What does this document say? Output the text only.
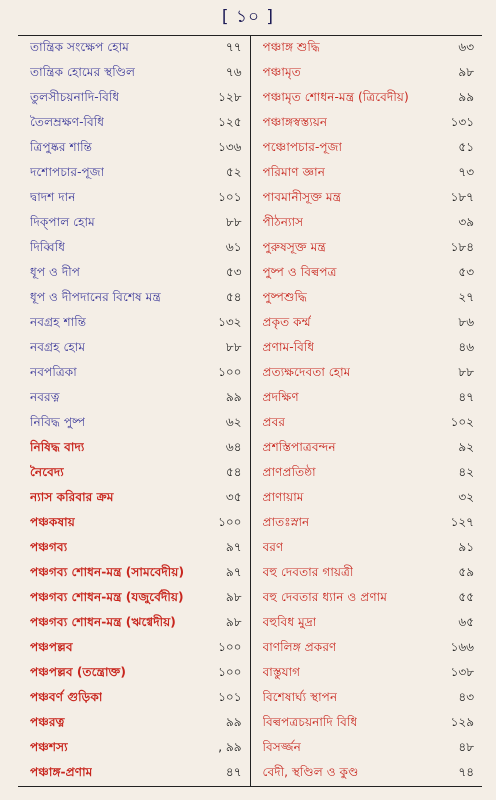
[ ১০ ]
তান্ত্রিক সংক্ষেপ হোম	৭৭
তান্ত্রিক হোমের স্থণ্ডিল	৭৬
তুলসীচয়নাদি-বিধি	১২৮
তৈলম্রক্ষণ-বিধি	১২৫
ত্রিপুষ্কর শান্তি	১৩৬
দশোপচার-পূজা	৫২
দ্বাদশ দান	১০১
দিক্পাল হোম	৮৮
দিব্বিধি	৬১
ধূপ ও দীপ	৫৩
ধূপ ও দীপদানের বিশেষ মন্ত্র	৫৪
নবগ্রহ শান্তি	১৩২
নবগ্রহ হোম	৮৮
নবপত্রিকা	১০০
নবরত্ন	৯৯
নিবিদ্ধ পুষ্প	৬২
নিষিদ্ধ বাদ্য	৬৪
নৈবেদ্য	৫৪
ন্যাস করিবার ক্রম	৩৫
পঞ্চকষায়	১০০
পঞ্চগব্য	৯৭
পঞ্চগব্য শোধন-মন্ত্র (সামবেদীয়)	৯৭
পঞ্চগব্য শোধন-মন্ত্র (যজুর্বেদীয়)	৯৮
পঞ্চগব্য শোধন-মন্ত্র (ঋগ্বেদীয়)	৯৮
পঞ্চপল্লব	১০০
পঞ্চপল্লব (তন্ত্রোক্ত)	১০০
পঞ্চবর্ণ গুড়িকা	১০১
পঞ্চরত্ন	৯৯
পঞ্চশস্য	, ৯৯
পঞ্চাঙ্গ-প্রণাম	৪৭
পঞ্চাঙ্গ শুদ্ধি	৬৩
পঞ্চামৃত	৯৮
পঞ্চামৃত শোধন-মন্ত্র (ত্রিবেদীয়)	৯৯
পঞ্চাঙ্গস্বস্ত্যয়ন	১৩১
পঞ্চোপচার-পূজা	৫১
পরিমাণ জ্ঞান	৭৩
পাবমানীসূক্ত মন্ত্র	১৮৭
পীঠন্যাস	৩৯
পুরুষসূক্ত মন্ত্র	১৮৪
পুষ্প ও বিল্বপত্র	৫৩
পুষ্পশুদ্ধি	২৭
প্রকৃত কর্ম্ম	৮৬
প্রণাম-বিধি	৪৬
প্রত্যক্ষদেবতা হোম	৮৮
প্রদক্ষিণ	৪৭
প্রবর	১০২
প্রশস্তিপাত্রবন্দন	৯২
প্রাণপ্রতিষ্ঠা	৪২
প্রাণায়াম	৩২
প্রাতঃস্নান	১২৭
বরণ	৯১
বহু দেবতার গায়ত্রী	৫৯
বহু দেবতার ধ্যান ও প্রণাম	৫৫
বহুবিধ মুদ্রা	৬৫
বাণলিঙ্গ প্রকরণ	১৬৬
বাস্তুযাগ	১৩৮
বিশেষার্ঘ্য স্থাপন	৪৩
বিল্বপত্রচয়নাদি বিধি	১২৯
বিসর্জ্জন	৪৮
বেদী, স্থণ্ডিল ও কুণ্ড	৭৪
